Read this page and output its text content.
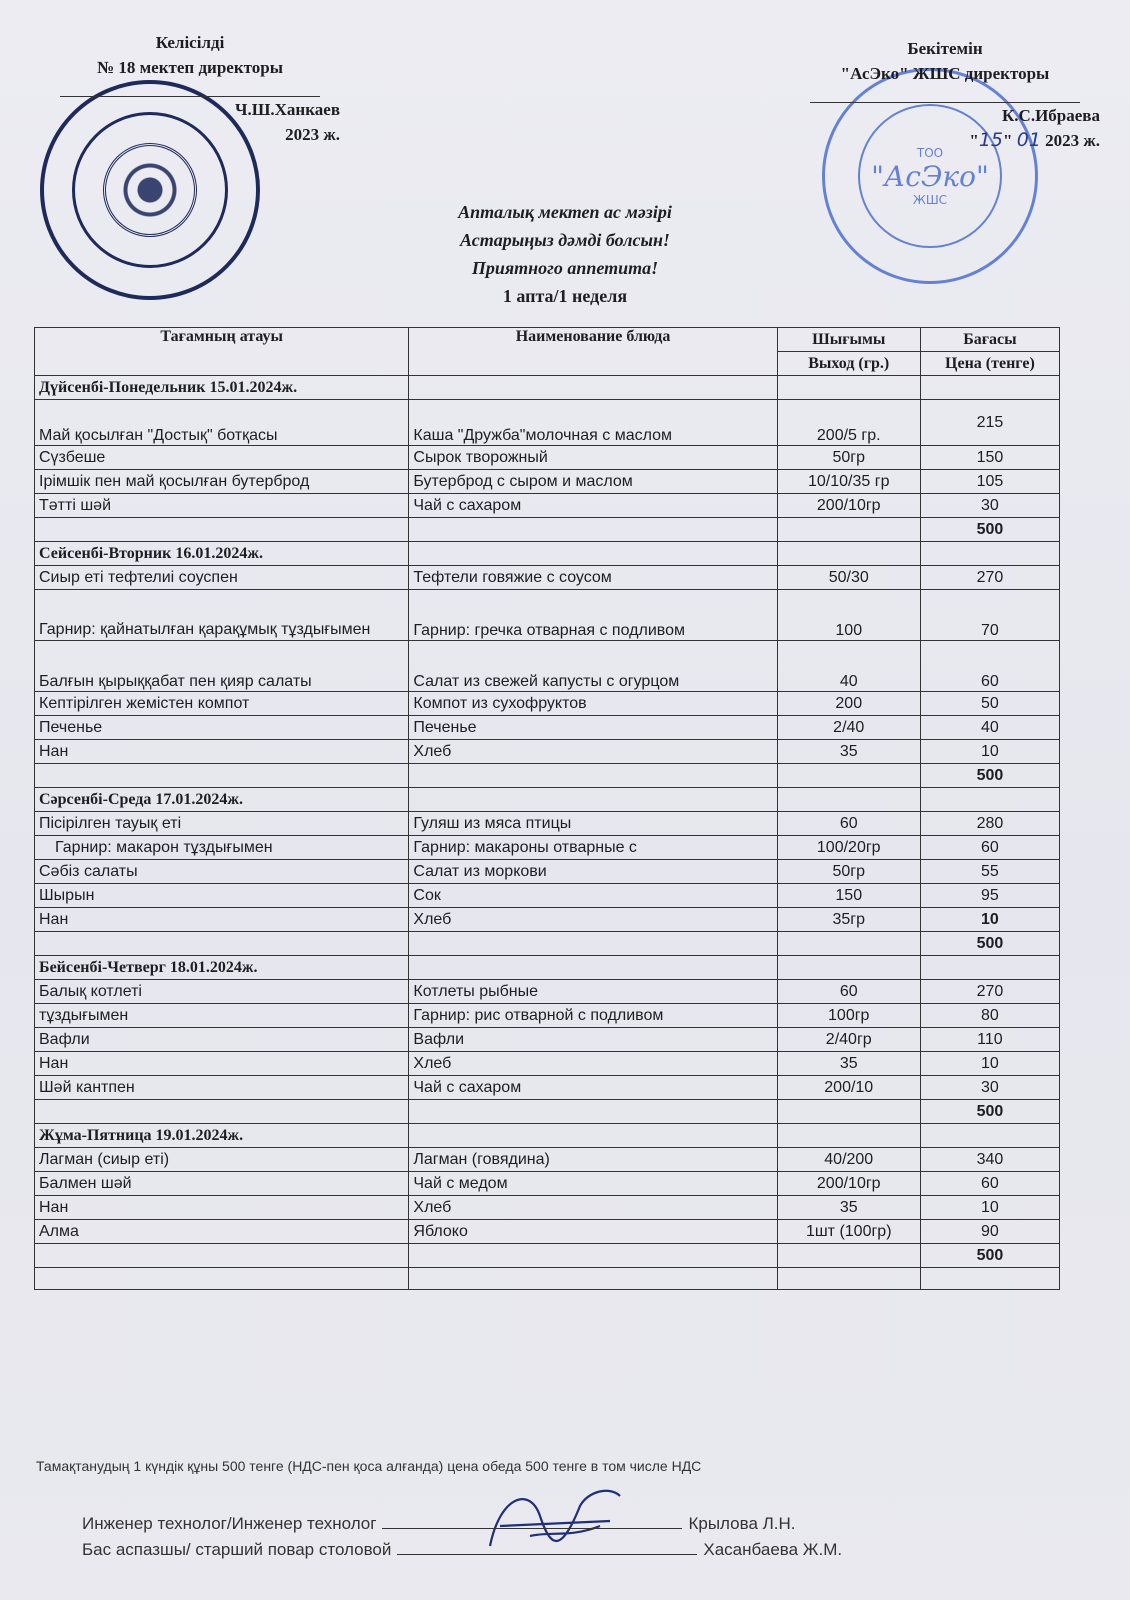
ТОО
"АсЭко"
ЖШС
Келісілді
№ 18 мектеп директоры
Ч.Ш.Ханкаев
2023 ж.
Бекітемін
"АсЭко" ЖШС директоры
К.С.Ибраева
"15" 01 2023 ж.
Апталық мектеп ас мәзірі
Астарыңыз дәмді болсын!
Приятного аппетита!
1 апта/1 неделя
Тағамның атауы	Наименование блюда	Шығымы	Бағасы
		Выход (гр.)	Цена (тенге)
Дүйсенбі-Понедельник 15.01.2024ж.			
Май қосылған "Достық" ботқасы	Каша "Дружба"молочная с маслом	200/5 гр.	215
Сүзбеше	Сырок творожный	50гр	150
Ірімшік пен май қосылған бутерброд	Бутерброд с сыром и маслом	10/10/35 гр	105
Тәтті шәй	Чай с сахаром	200/10гр	30
			500
Сейсенбі-Вторник 16.01.2024ж.			
Сиыр еті тефтелиі соуспен	Тефтели говяжие с соусом	50/30	270
Гарнир: қайнатылған қарақұмық тұздығымен	Гарнир: гречка отварная с подливом	100	70
Балғын қырыққабат пен қияр салаты	Салат из свежей капусты с огурцом	40	60
Кептірілген жемістен компот	Компот из сухофруктов	200	50
Печенье	Печенье	2/40	40
Нан	Хлеб	35	10
			500
Сәрсенбі-Среда 17.01.2024ж.			
Пісірілген тауық еті	Гуляш из мяса птицы	60	280
Гарнир: макарон тұздығымен	Гарнир: макароны отварные с	100/20гр	60
Сәбіз салаты	Салат из моркови	50гр	55
Шырын	Сок	150	95
Нан	Хлеб	35гр	10
			500
Бейсенбі-Четверг 18.01.2024ж.			
Балық котлеті	Котлеты рыбные	60	270
тұздығымен	Гарнир: рис отварной с подливом	100гр	80
Вафли	Вафли	2/40гр	110
Нан	Хлеб	35	10
Шәй кантпен	Чай с сахаром	200/10	30
			500
Жұма-Пятница 19.01.2024ж.			
Лагман (сиыр еті)	Лагман (говядина)	40/200	340
Балмен шәй	Чай с медом	200/10гр	60
Нан	Хлеб	35	10
Алма	Яблоко	1шт (100гр)	90
			500

Тамақтанудың 1 күндік құны 500 тенге (НДС-пен қоса алғанда) цена обеда 500 тенге в том числе НДС
Инженер технолог/Инженер технолог	Крылова Л.Н.
Бас аспазшы/ старший повар столовой	Хасанбаева Ж.М.
